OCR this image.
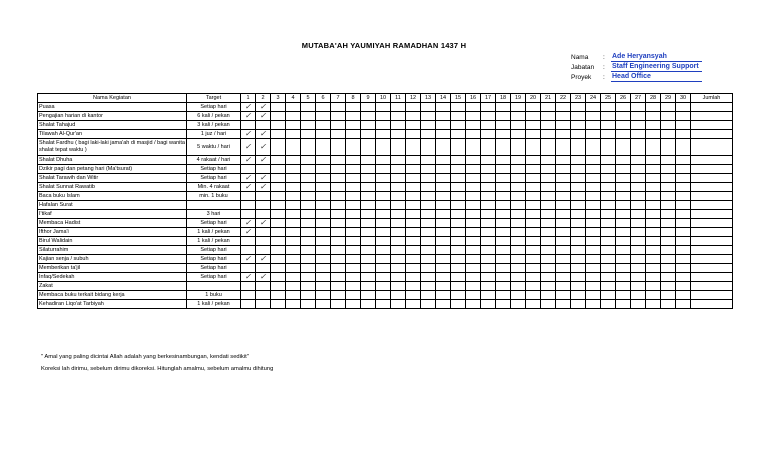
MUTABA'AH YAUMIYAH RAMADHAN 1437 H
Nama	:	Ade Heryansyah
Jabatan	:	Staff Engineering Support
Proyek	:	Head Office
Nama Kegiatan	Target	1	2	3	4	5	6	7	8	9	10	11	12	13	14	15	16	17	18	19	20	21	22	23	24	25	26	27	28	29	30	Jumlah
Puasa	Setiap hari	✓	✓																													
Pengajian harian di kantor	6 kali / pekan	✓	✓																													
Shalat Tahajud	3 kali / pekan																															
Tilawah Al-Qur'an	1 juz / hari	✓	✓																													
Shalat Fardhu ( bagi laki-laki jama'ah di masjid / bagi wanita shalat tepat waktu )	5 waktu / hari	✓	✓																													
Shalat Dhuha	4 rakaat / hari	✓	✓																													
Dzikir pagi dan petang hari (Ma'tsurat)	Setiap hari																															
Shalat Tarawih dan Witir	Setiap hari	✓	✓																													
Shalat Sunnat Rawatib	Min. 4 rakaat	✓	✓																													
Baca buku Islam	min. 1 buku																															
Hafalan Surat																																
I'tikaf	3 hari																															
Membaca Hadist	Setiap hari	✓	✓																													
Ifthor Jama'i	1 kali / pekan	✓																														
Birul Walidain	1 kali / pekan																															
Silaturrahim	Setiap hari																															
Kajian senja / subuh	Setiap hari	✓	✓																													
Memberikan ta'jil	Setiap hari																															
Infaq/Sedekah	Setiap hari	✓	✓																													
Zakat																																
Membaca buku terkait bidang kerja	1 buku																															
Kehadiran Liqo'at Tarbiyah	1 kali / pekan																															
" Amal yang paling dicintai Allah adalah yang berkesinambungan, kendati sedikit"
Koreksi lah dirimu, sebelum dirimu dikoreksi. Hitunglah amalmu, sebelum amalmu dihitung
